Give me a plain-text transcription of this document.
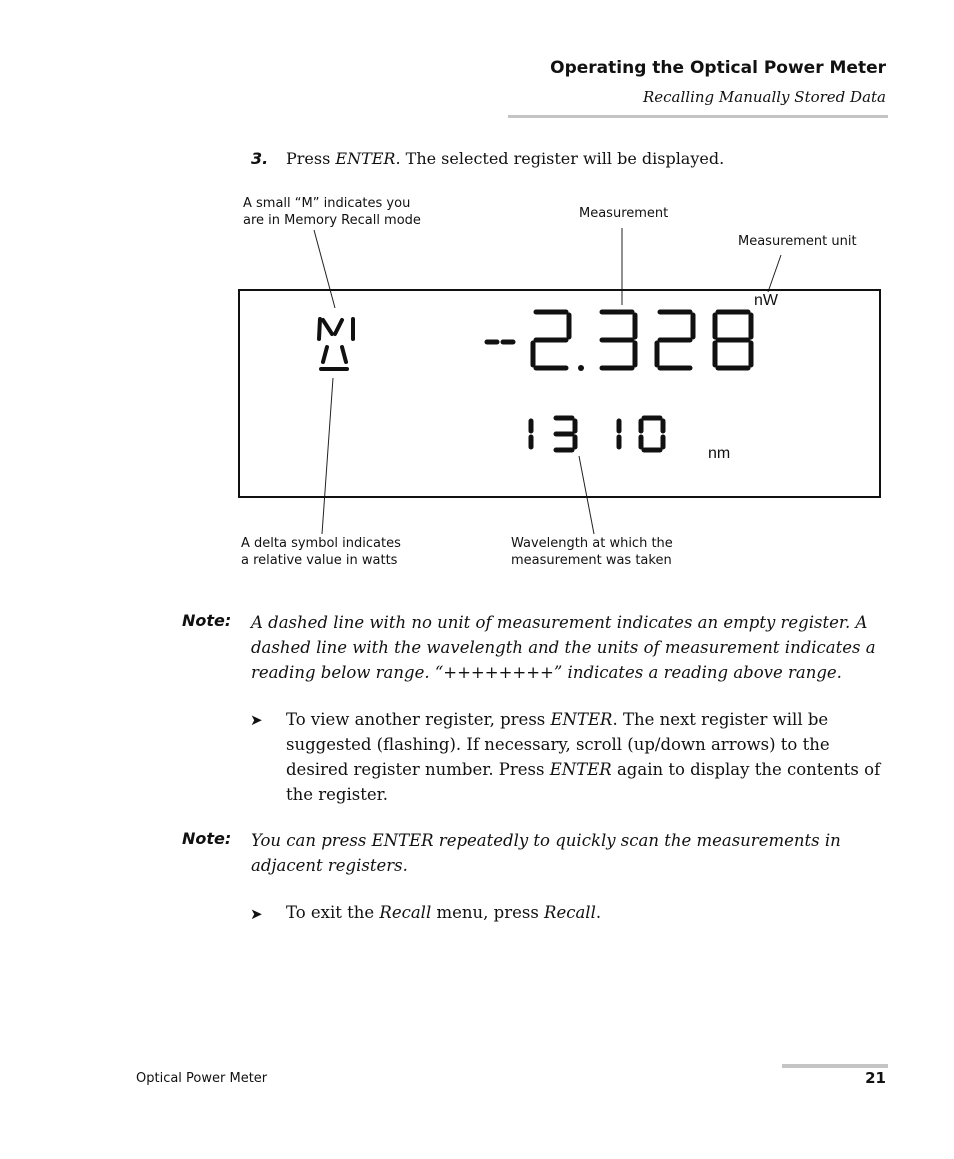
Operating the Optical Power Meter
Recalling Manually Stored Data
3. Press ENTER. The selected register will be displayed.
A small “M” indicates you
are in Memory Recall mode	Measurement
Measurement unit
A delta symbol indicates
a relative value in watts
Wavelength at which the
measurement was taken
nW
nm
Note: A dashed line with no unit of measurement indicates an empty register. A dashed line with the wavelength and the units of measurement indicates a reading below range. “++++++++” indicates a reading above range.
➤ To view another register, press ENTER. The next register will be suggested (flashing). If necessary, scroll (up/down arrows) to the desired register number. Press ENTER again to display the contents of the register.
Note: You can press ENTER repeatedly to quickly scan the measurements in adjacent registers.
➤ To exit the Recall menu, press Recall.
Optical Power Meter	21
